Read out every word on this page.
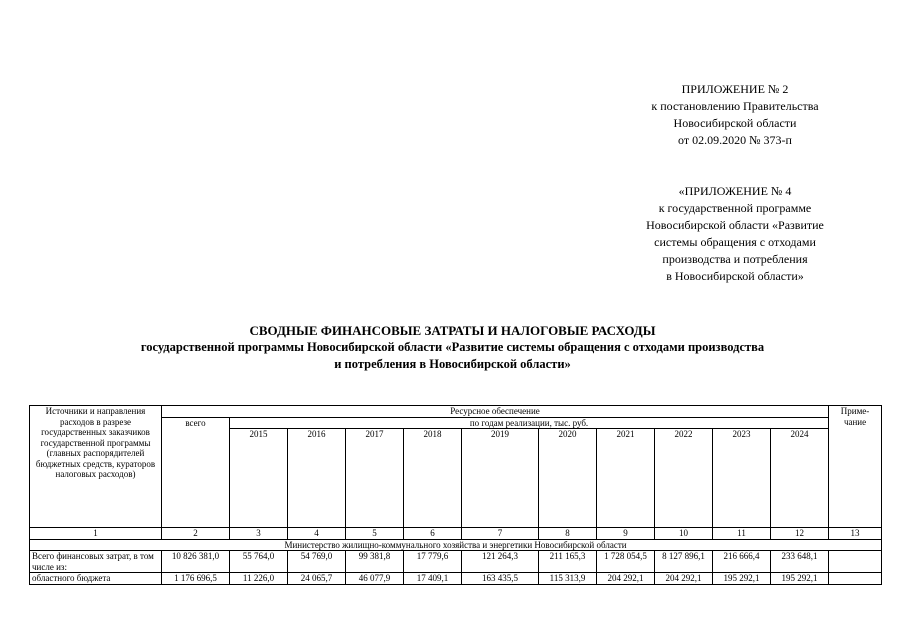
ПРИЛОЖЕНИЕ № 2
к постановлению Правительства
Новосибирской области
от 02.09.2020 № 373-п
«ПРИЛОЖЕНИЕ № 4
к государственной программе
Новосибирской области «Развитие
системы обращения с отходами
производства и потребления
в Новосибирской области»
СВОДНЫЕ ФИНАНСОВЫЕ ЗАТРАТЫ И НАЛОГОВЫЕ РАСХОДЫ
государственной программы Новосибирской области «Развитие системы обращения с отходами производства
и потребления в Новосибирской области»
Источники и направления расходов в разрезе государственных заказчиков государственной программы (главных распорядителей бюджетных средств, кураторов налоговых расходов)	Ресурсное обеспечение											Приме-
чание
	всего	по годам реализации, тыс. руб.										
		2015	2016	2017	2018	2019	2020	2021	2022	2023	2024	
1	2	3	4	5	6	7	8	9	10	11	12	13
Министерство жилищно-коммунального хозяйства и энергетики Новосибирской области												
Всего финансовых затрат, в том числе из:	10 826 381,0	55 764,0	54 769,0	99 381,8	17 779,6	121 264,3	211 165,3	1 728 054,5	8 127 896,1	216 666,4	233 648,1	
областного бюджета	1 176 696,5	11 226,0	24 065,7	46 077,9	17 409,1	163 435,5	115 313,9	204 292,1	204 292,1	195 292,1	195 292,1	
